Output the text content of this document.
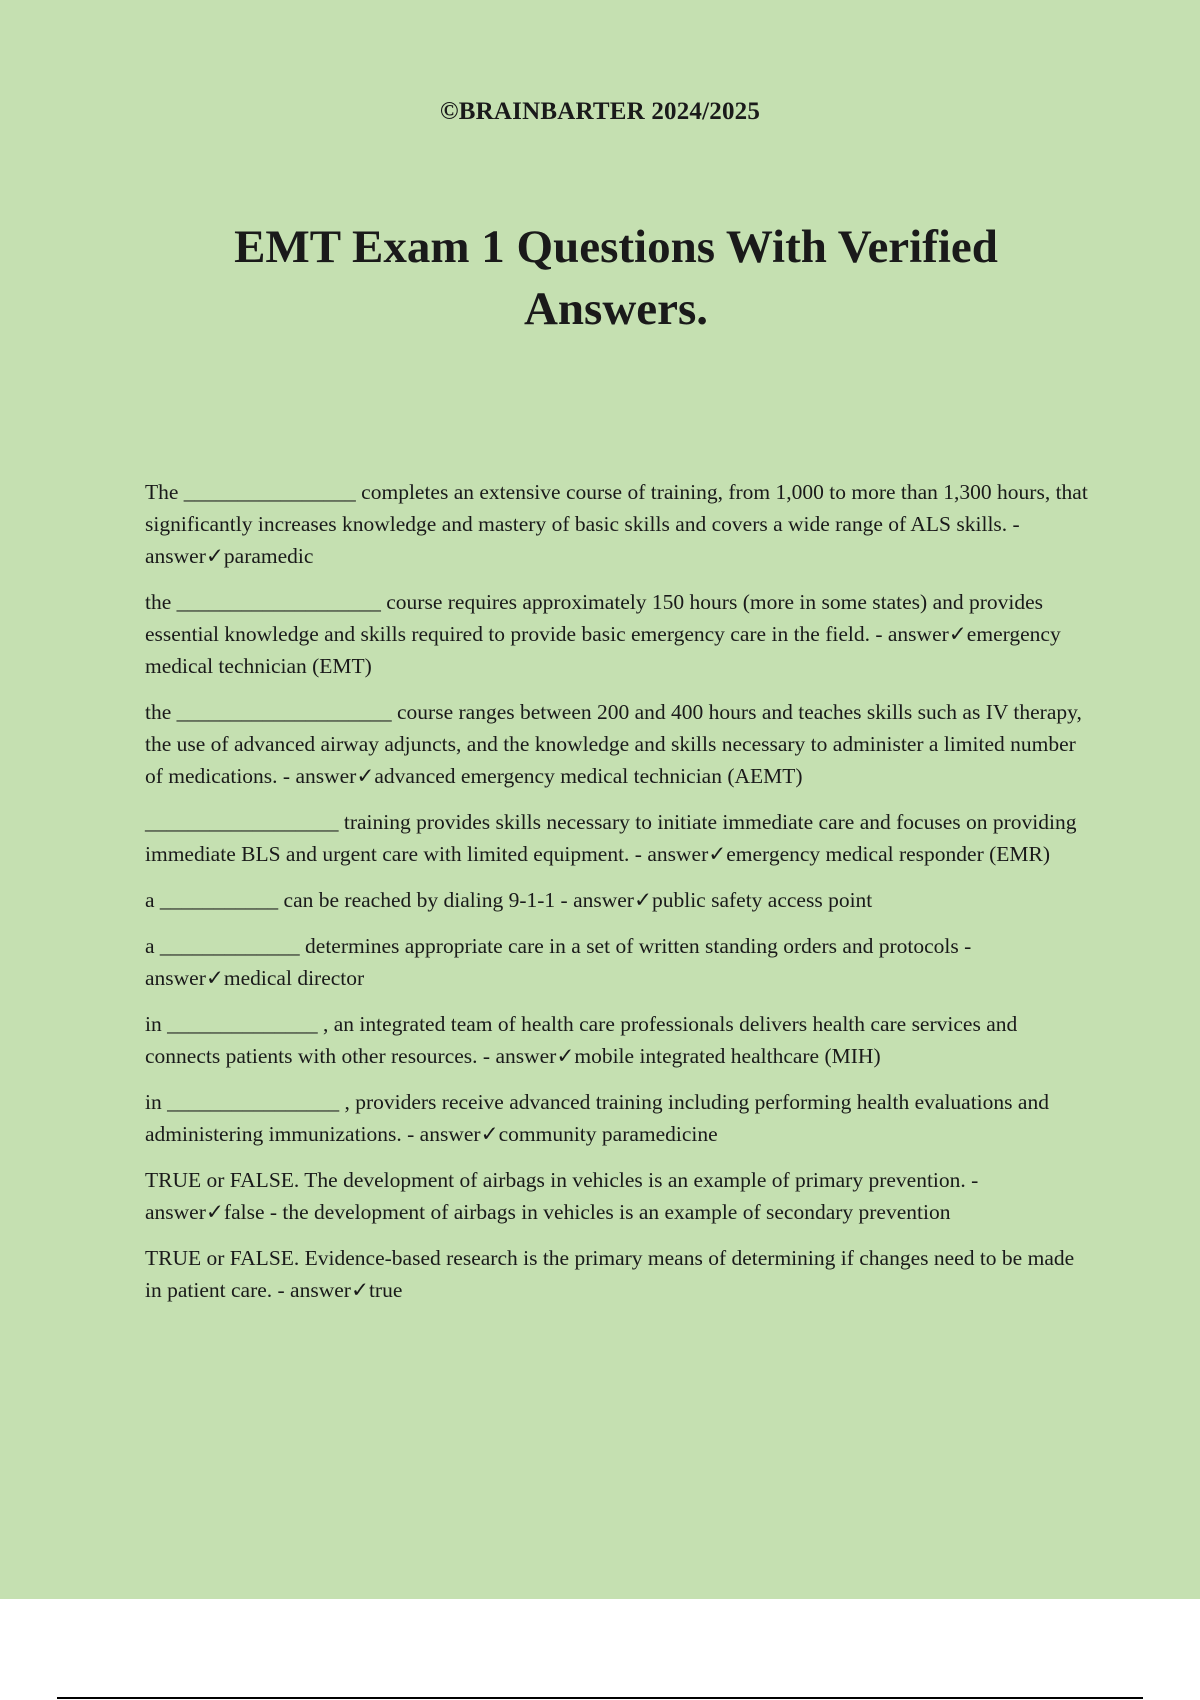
©BRAINBARTER 2024/2025
EMT Exam 1 Questions With Verified Answers.

The ________________ completes an extensive course of training, from 1,000 to more than 1,300 hours, that significantly increases knowledge and mastery of basic skills and covers a wide range of ALS skills. - answer✓paramedic

the ___________________ course requires approximately 150 hours (more in some states) and provides essential knowledge and skills required to provide basic emergency care in the field. - answer✓emergency medical technician (EMT)

the ____________________ course ranges between 200 and 400 hours and teaches skills such as IV therapy, the use of advanced airway adjuncts, and the knowledge and skills necessary to administer a limited number of medications. - answer✓advanced emergency medical technician (AEMT)

__________________ training provides skills necessary to initiate immediate care and focuses on providing immediate BLS and urgent care with limited equipment. - answer✓emergency medical responder (EMR)

a ___________ can be reached by dialing 9-1-1 - answer✓public safety access point

a _____________ determines appropriate care in a set of written standing orders and protocols - answer✓medical director

in ______________ , an integrated team of health care professionals delivers health care services and connects patients with other resources. - answer✓mobile integrated healthcare (MIH)

in ________________ , providers receive advanced training including performing health evaluations and administering immunizations. - answer✓community paramedicine

TRUE or FALSE. The development of airbags in vehicles is an example of primary prevention. - answer✓false - the development of airbags in vehicles is an example of secondary prevention

TRUE or FALSE. Evidence-based research is the primary means of determining if changes need to be made in patient care. - answer✓true
